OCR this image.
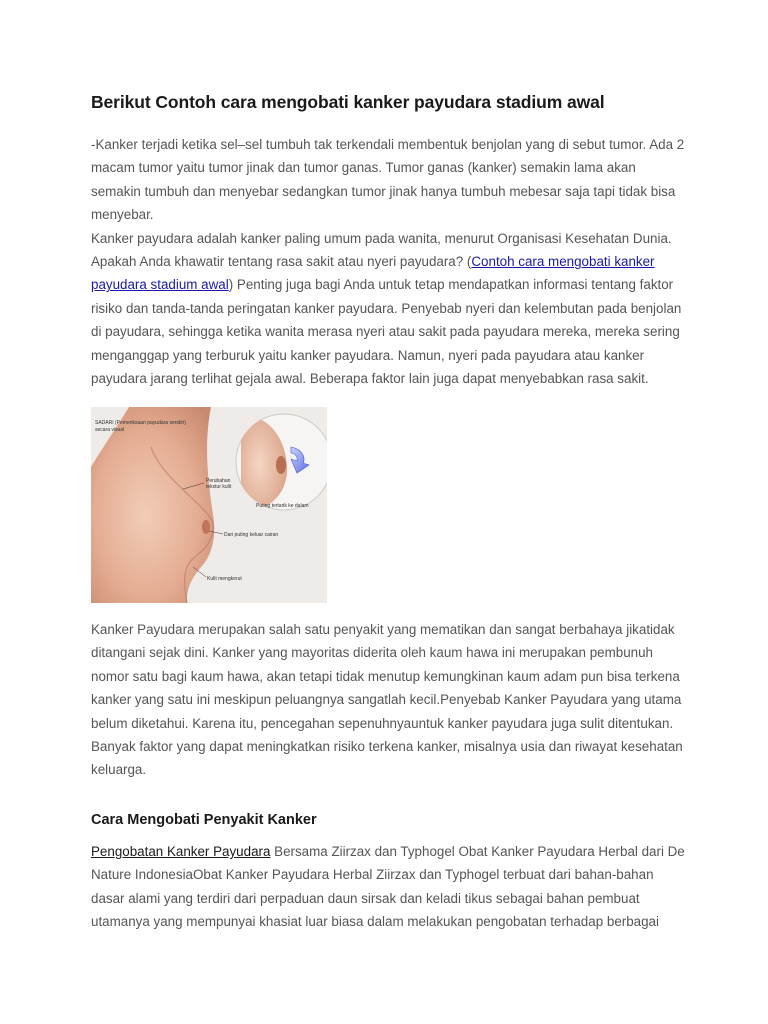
Berikut Contoh cara mengobati kanker payudara stadium awal

-Kanker terjadi ketika sel–sel tumbuh tak terkendali membentuk benjolan yang di sebut tumor. Ada 2
macam tumor yaitu tumor jinak dan tumor ganas. Tumor ganas (kanker) semakin lama akan
semakin tumbuh dan menyebar sedangkan tumor jinak hanya tumbuh mebesar saja tapi tidak bisa
menyebar.
Kanker payudara adalah kanker paling umum pada wanita, menurut Organisasi Kesehatan Dunia.
Apakah Anda khawatir tentang rasa sakit atau nyeri payudara? (Contoh cara mengobati kanker
payudara stadium awal) Penting juga bagi Anda untuk tetap mendapatkan informasi tentang faktor
risiko dan tanda-tanda peringatan kanker payudara. Penyebab nyeri dan kelembutan pada benjolan
di payudara, sehingga ketika wanita merasa nyeri atau sakit pada payudara mereka, mereka sering
menganggap yang terburuk yaitu kanker payudara. Namun, nyeri pada payudara atau kanker
payudara jarang terlihat gejala awal. Beberapa faktor lain juga dapat menyebabkan rasa sakit.

SADARI (Pemeriksaan payudara sendiri)
secara visual
Perubahan
tekstur kulit
Puting tertarik ke dalam
Dari puting keluar cairan
Kulit mengkerut

Kanker Payudara merupakan salah satu penyakit yang mematikan dan sangat berbahaya jikatidak
ditangani sejak dini. Kanker yang mayoritas diderita oleh kaum hawa ini merupakan pembunuh
nomor satu bagi kaum hawa, akan tetapi tidak menutup kemungkinan kaum adam pun bisa terkena
kanker yang satu ini meskipun peluangnya sangatlah kecil.Penyebab Kanker Payudara yang utama
belum diketahui. Karena itu, pencegahan sepenuhnyauntuk kanker payudara juga sulit ditentukan.
Banyak faktor yang dapat meningkatkan risiko terkena kanker, misalnya usia dan riwayat kesehatan
keluarga.

Cara Mengobati Penyakit Kanker

Pengobatan Kanker Payudara Bersama Ziirzax dan Typhogel Obat Kanker Payudara Herbal dari De
Nature IndonesiaObat Kanker Payudara Herbal Ziirzax dan Typhogel terbuat dari bahan-bahan
dasar alami yang terdiri dari perpaduan daun sirsak dan keladi tikus sebagai bahan pembuat
utamanya yang mempunyai khasiat luar biasa dalam melakukan pengobatan terhadap berbagai
